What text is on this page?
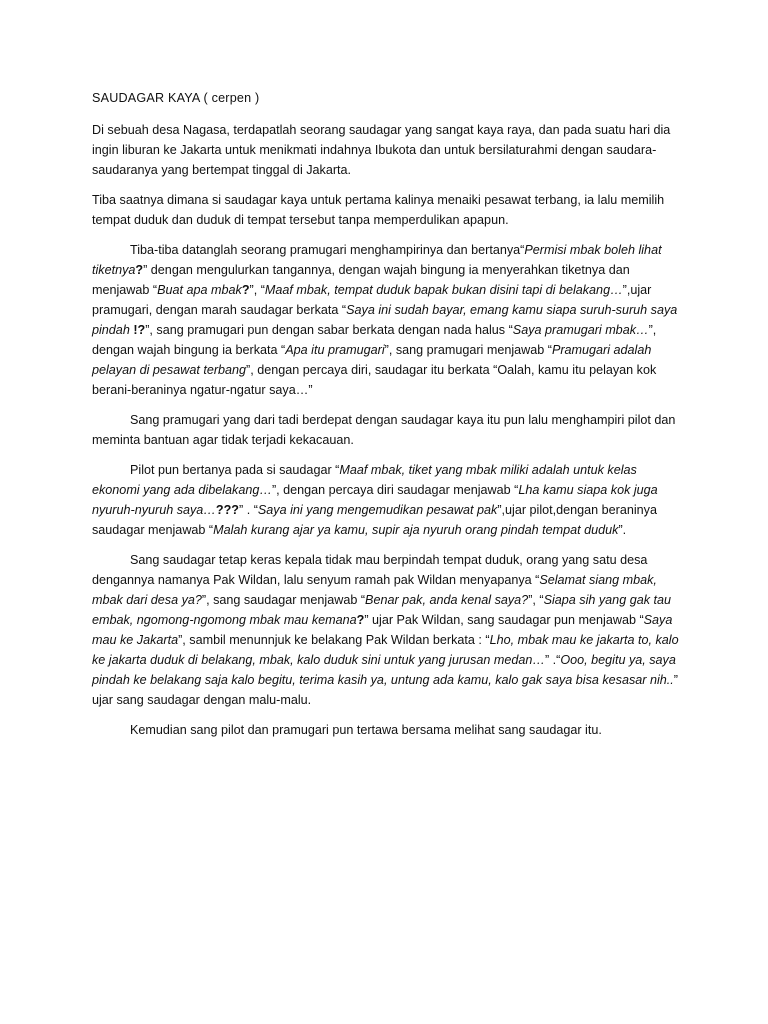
SAUDAGAR KAYA ( cerpen )

Di sebuah desa Nagasa, terdapatlah seorang saudagar yang sangat kaya raya, dan pada suatu hari dia ingin liburan ke Jakarta untuk menikmati indahnya Ibukota dan untuk bersilaturahmi dengan saudara-saudaranya yang bertempat tinggal di Jakarta.

Tiba saatnya dimana si saudagar kaya untuk pertama kalinya menaiki pesawat terbang, ia lalu memilih tempat duduk dan duduk di tempat tersebut tanpa memperdulikan apapun.

Tiba-tiba datanglah seorang pramugari menghampirinya dan bertanya“Permisi mbak boleh lihat tiketnya?” dengan mengulurkan tangannya, dengan wajah bingung ia menyerahkan tiketnya dan menjawab “Buat apa mbak?”, “Maaf mbak, tempat duduk bapak bukan disini tapi di belakang…”,ujar pramugari, dengan marah saudagar berkata “Saya ini sudah bayar, emang kamu siapa suruh-suruh saya pindah !?”, sang pramugari pun dengan sabar berkata dengan nada halus “Saya pramugari mbak…”, dengan wajah bingung ia berkata “Apa itu pramugari”, sang pramugari menjawab “Pramugari adalah pelayan di pesawat terbang”, dengan percaya diri, saudagar itu berkata “Oalah, kamu itu pelayan kok berani-beraninya ngatur-ngatur saya…”

Sang pramugari yang dari tadi berdepat dengan saudagar kaya itu pun lalu menghampiri pilot dan meminta bantuan agar tidak terjadi kekacauan.

Pilot pun bertanya pada si saudagar “Maaf mbak, tiket yang mbak miliki adalah untuk kelas ekonomi yang ada dibelakang…”, dengan percaya diri saudagar menjawab “Lha kamu siapa kok juga nyuruh-nyuruh saya…???” . “Saya ini yang mengemudikan pesawat pak”,ujar pilot,dengan beraninya saudagar menjawab “Malah kurang ajar ya kamu, supir aja nyuruh orang pindah tempat duduk”.

Sang saudagar tetap keras kepala tidak mau berpindah tempat duduk, orang yang satu desa dengannya namanya Pak Wildan, lalu senyum ramah pak Wildan menyapanya “Selamat siang mbak, mbak dari desa ya?”, sang saudagar menjawab “Benar pak, anda kenal saya?”, “Siapa sih yang gak tau embak, ngomong-ngomong mbak mau kemana?” ujar Pak Wildan, sang saudagar pun menjawab “Saya mau ke Jakarta”, sambil menunnjuk ke belakang Pak Wildan berkata : “Lho, mbak mau ke jakarta to, kalo ke jakarta duduk di belakang, mbak, kalo duduk sini untuk yang jurusan medan…” .“Ooo, begitu ya, saya pindah ke belakang saja kalo begitu, terima kasih ya, untung ada kamu, kalo gak saya bisa kesasar nih..” ujar sang saudagar dengan malu-malu.

Kemudian sang pilot dan pramugari pun tertawa bersama melihat sang saudagar itu.
